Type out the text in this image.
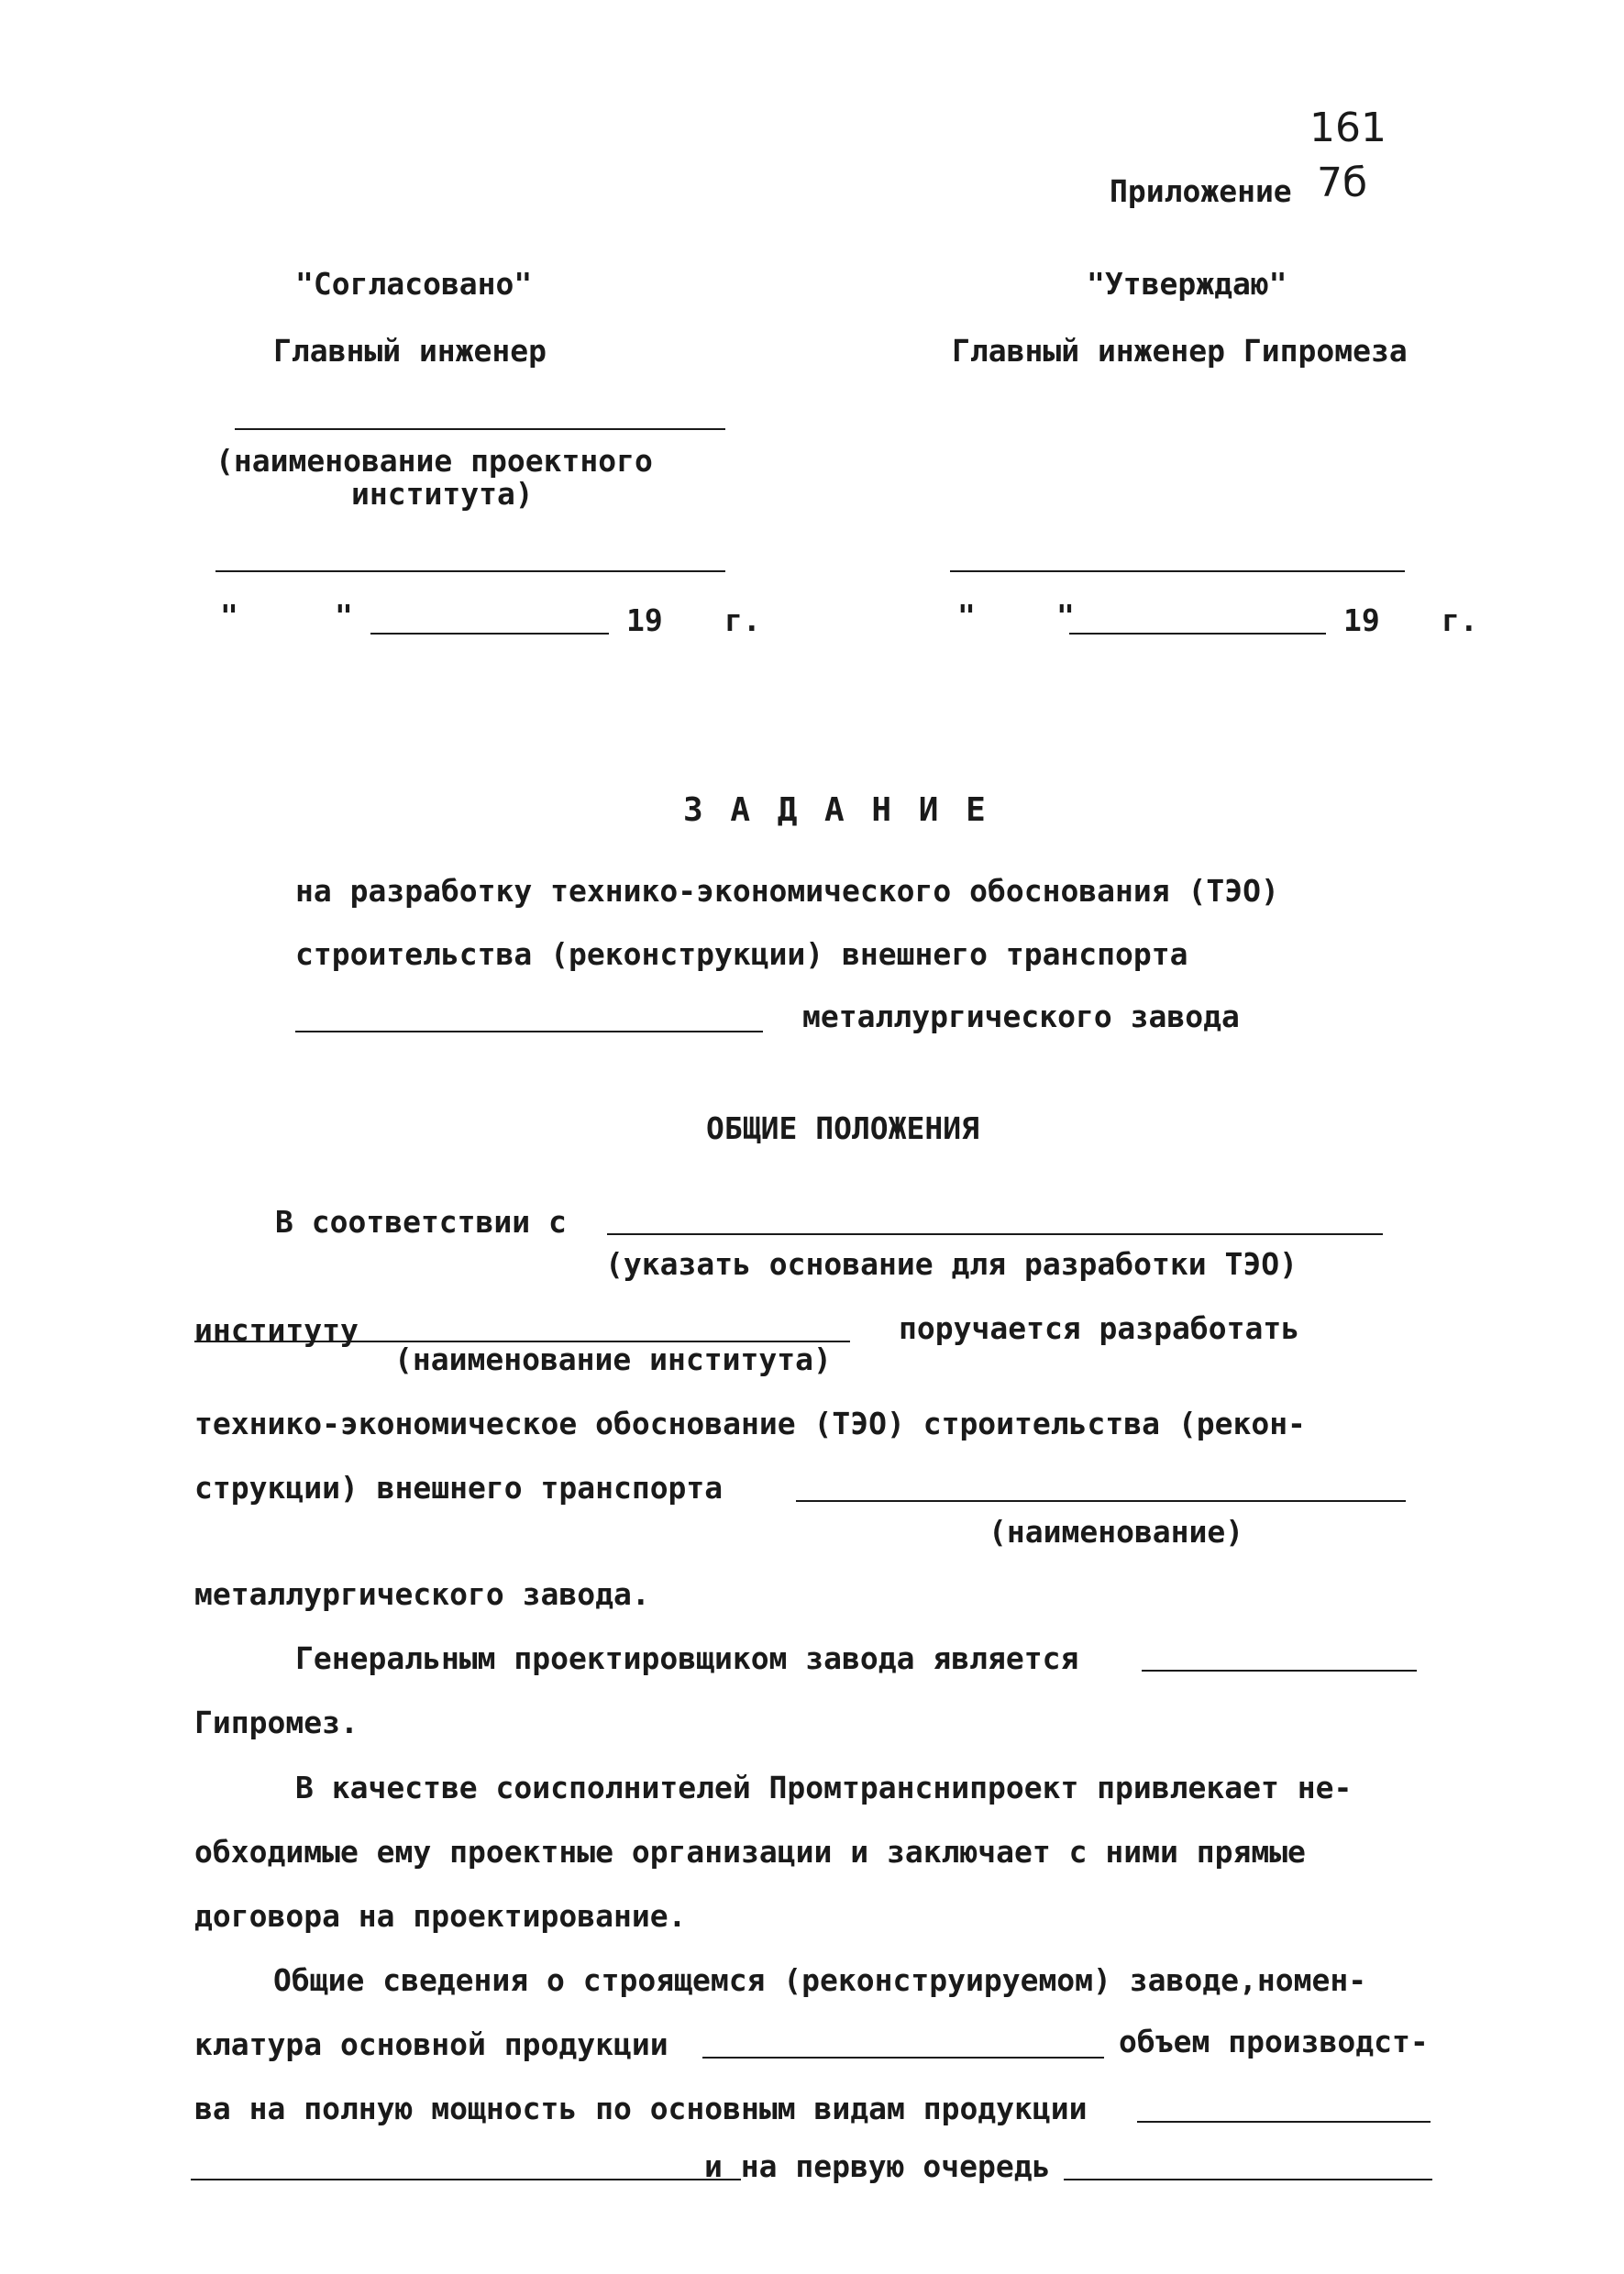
161
Приложение 7б
"Согласовано"
Главный инженер
(наименование проектного
института)
"	"	19 г.
"Утверждаю"
Главный инженер Гипромеза
"	"	19 г.
З А Д А Н И Е
на разработку технико-экономического обоснования (ТЭО)
строительства (реконструкции) внешнего транспорта
металлургического завода
ОБЩИЕ ПОЛОЖЕНИЯ
В соответствии с
(указать основание для разработки ТЭО)
институту
(наименование института)
поручается разработать
технико-экономическое обоснование (ТЭО) строительства (рекон-
струкции) внешнего транспорта
(наименование)
металлургического завода.
Генеральным проектировщиком завода является
Гипромез.
В качестве соисполнителей Промтранснипроект привлекает не-
обходимые ему проектные организации и заключает с ними прямые
договора на проектирование.
Общие сведения о строящемся (реконструируемом) заводе,номен-
клатура основной продукции	объем производст-
ва на полную мощность по основным видам продукции
и на первую очередь
